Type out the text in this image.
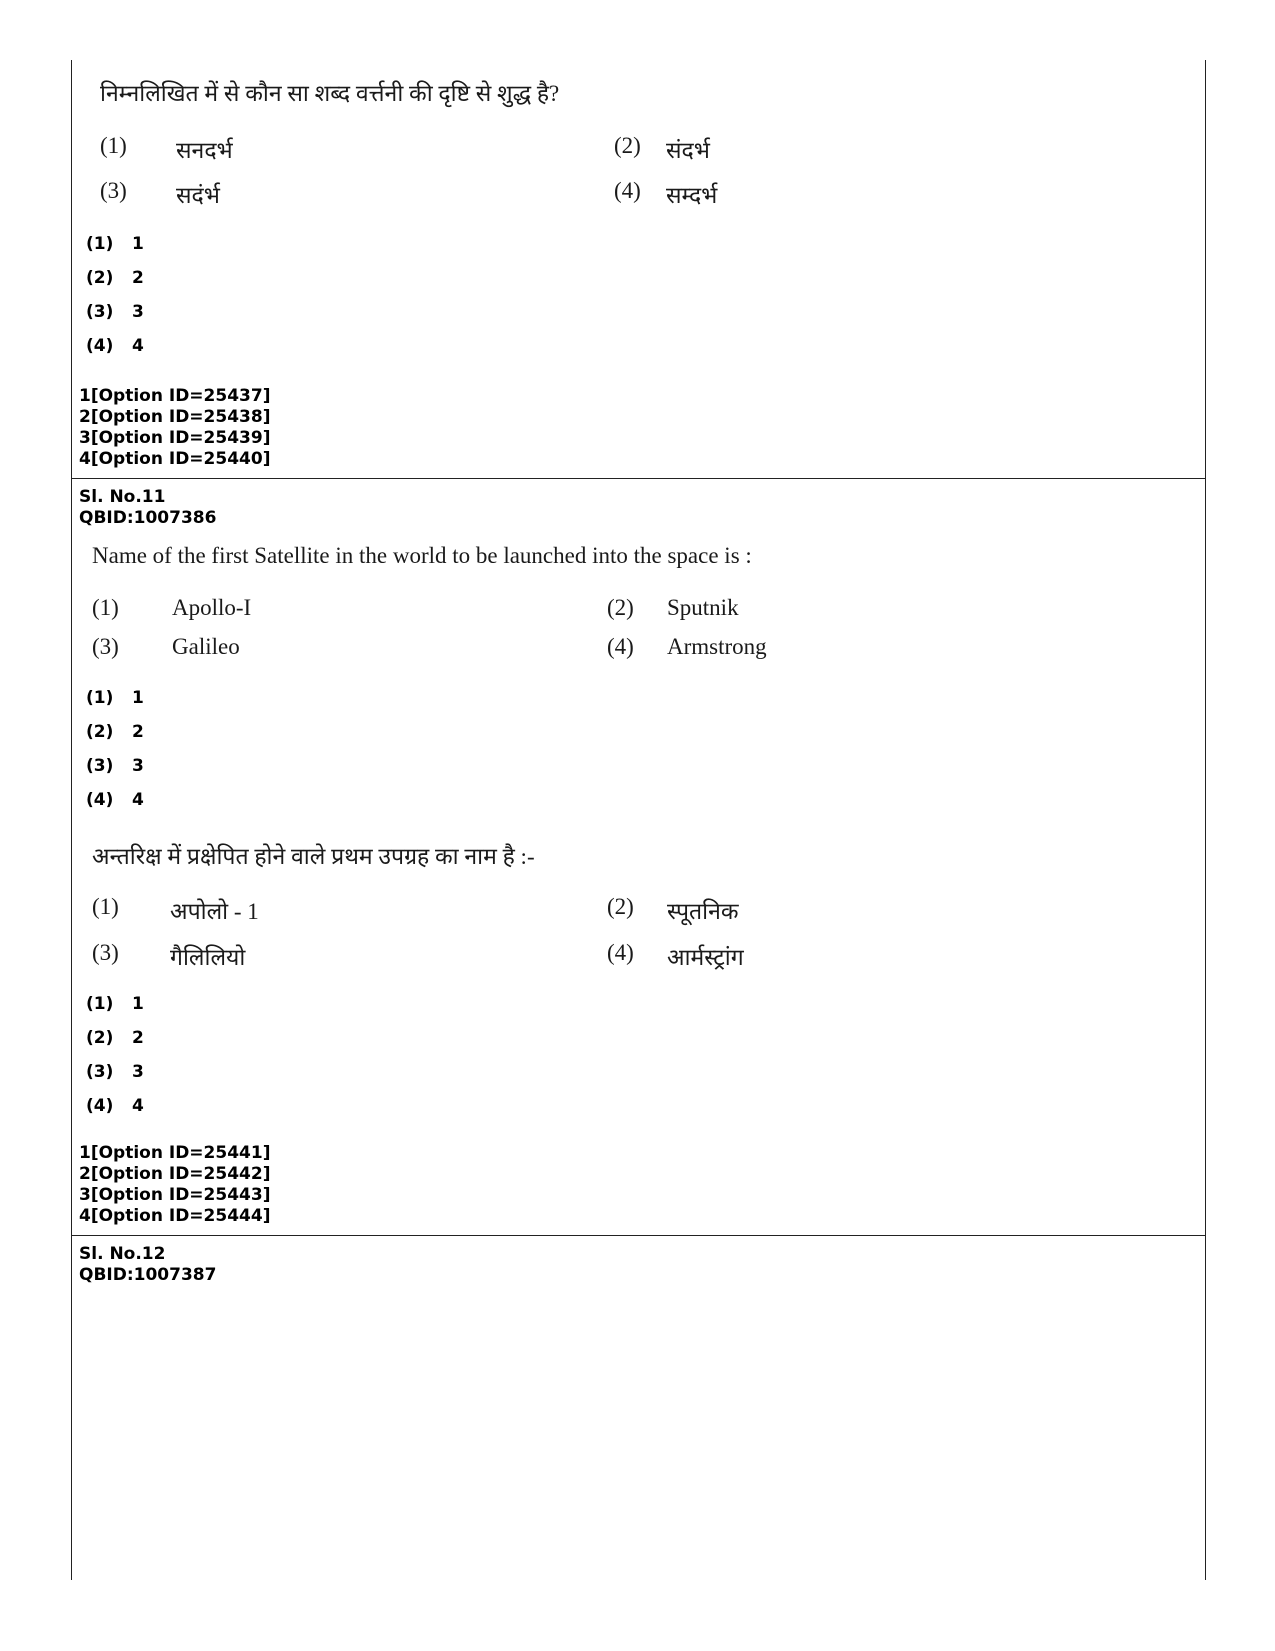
निम्नलिखित में से कौन सा शब्द वर्त्तनी की दृष्टि से शुद्ध है?
(1) सनदर्भ	(2) संदर्भ
(3) सदंर्भ	(4) सम्दर्भ
(1) 1
(2) 2
(3) 3
(4) 4
1[Option ID=25437]
2[Option ID=25438]
3[Option ID=25439]
4[Option ID=25440]
Sl. No.11
QBID:1007386
Name of the first Satellite in the world to be launched into the space is :
(1) Apollo-I	(2) Sputnik
(3) Galileo	(4) Armstrong
(1) 1
(2) 2
(3) 3
(4) 4
अन्तरिक्ष में प्रक्षेपित होने वाले प्रथम उपग्रह का नाम है :-
(1) अपोलो - 1	(2) स्पूतनिक
(3) गैलिलियो	(4) आर्मस्ट्रांग
(1) 1
(2) 2
(3) 3
(4) 4
1[Option ID=25441]
2[Option ID=25442]
3[Option ID=25443]
4[Option ID=25444]
Sl. No.12
QBID:1007387
